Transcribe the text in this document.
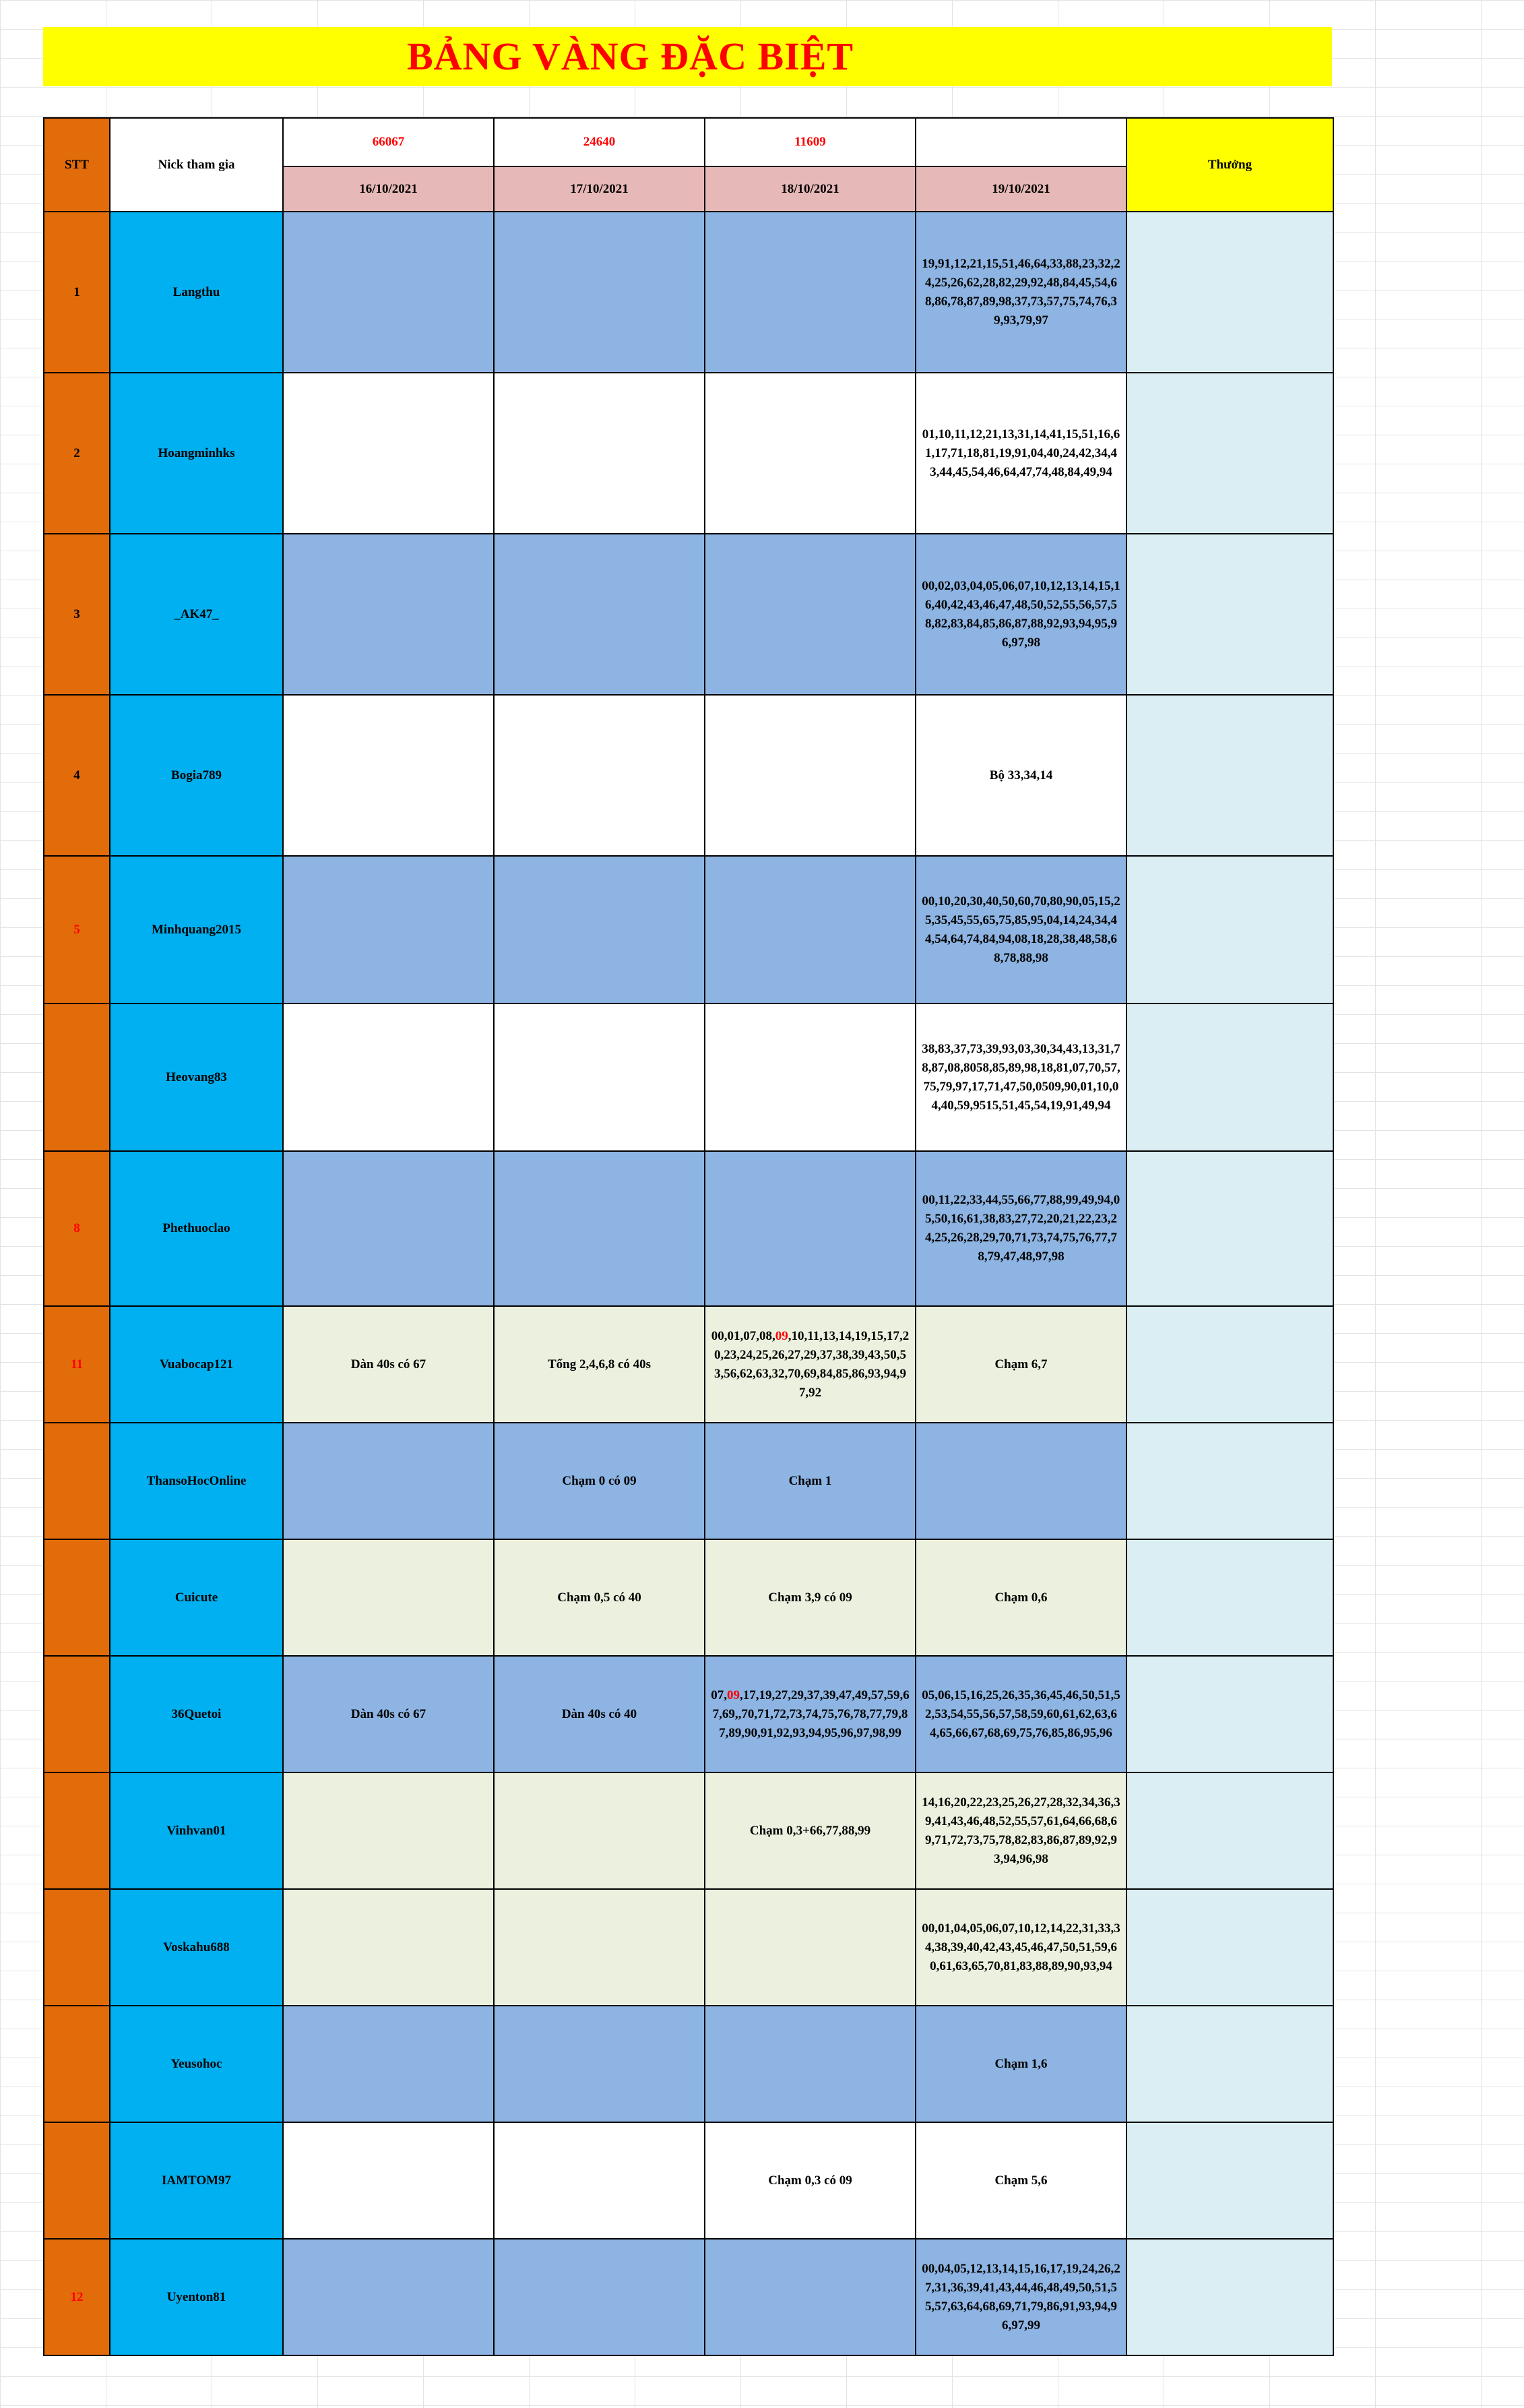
BẢNG VÀNG ĐẶC BIỆT
STT	Nick tham gia	66067	24640	11609		Thưởng
		16/10/2021	17/10/2021	18/10/2021	19/10/2021	
1	Langthu				19,91,12,21,15,51,46,64,33,88,23,32,24,25,26,62,28,82,29,92,48,84,45,54,68,86,78,87,89,98,37,73,57,75,74,76,39,93,79,97	
2	Hoangminhks				01,10,11,12,21,13,31,14,41,15,51,16,61,17,71,18,81,19,91,04,40,24,42,34,43,44,45,54,46,64,47,74,48,84,49,94	
3	_AK47_				00,02,03,04,05,06,07,10,12,13,14,15,16,40,42,43,46,47,48,50,52,55,56,57,58,82,83,84,85,86,87,88,92,93,94,95,96,97,98	
4	Bogia789				Bộ 33,34,14	
5	Minhquang2015				00,10,20,30,40,50,60,70,80,90,05,15,25,35,45,55,65,75,85,95,04,14,24,34,44,54,64,74,84,94,08,18,28,38,48,58,68,78,88,98	
	Heovang83				38,83,37,73,39,93,03,30,34,43,13,31,78,87,08,8058,85,89,98,18,81,07,70,57,75,79,97,17,71,47,50,0509,90,01,10,04,40,59,9515,51,45,54,19,91,49,94	
8	Phethuoclao				00,11,22,33,44,55,66,77,88,99,49,94,05,50,16,61,38,83,27,72,20,21,22,23,24,25,26,28,29,70,71,73,74,75,76,77,78,79,47,48,97,98	
11	Vuabocap121	Dàn 40s có 67	Tổng 2,4,6,8 có 40s	00,01,07,08,09,10,11,13,14,19,15,17,20,23,24,25,26,27,29,37,38,39,43,50,53,56,62,63,32,70,69,84,85,86,93,94,97,92	Chạm 6,7	
	ThansoHocOnline		Chạm 0 có 09	Chạm 1		
	Cuicute		Chạm 0,5 có 40	Chạm 3,9 có 09	Chạm 0,6	
	36Quetoi	Dàn 40s có 67	Dàn 40s có 40	07,09,17,19,27,29,37,39,47,49,57,59,67,69,,70,71,72,73,74,75,76,78,77,79,87,89,90,91,92,93,94,95,96,97,98,99	05,06,15,16,25,26,35,36,45,46,50,51,52,53,54,55,56,57,58,59,60,61,62,63,64,65,66,67,68,69,75,76,85,86,95,96	
	Vinhvan01			Chạm 0,3+66,77,88,99	14,16,20,22,23,25,26,27,28,32,34,36,39,41,43,46,48,52,55,57,61,64,66,68,69,71,72,73,75,78,82,83,86,87,89,92,93,94,96,98	
	Voskahu688				00,01,04,05,06,07,10,12,14,22,31,33,34,38,39,40,42,43,45,46,47,50,51,59,60,61,63,65,70,81,83,88,89,90,93,94	
	Yeusohoc				Chạm 1,6	
	IAMTOM97			Chạm 0,3 có 09	Chạm 5,6	
12	Uyenton81				00,04,05,12,13,14,15,16,17,19,24,26,27,31,36,39,41,43,44,46,48,49,50,51,55,57,63,64,68,69,71,79,86,91,93,94,96,97,99	
